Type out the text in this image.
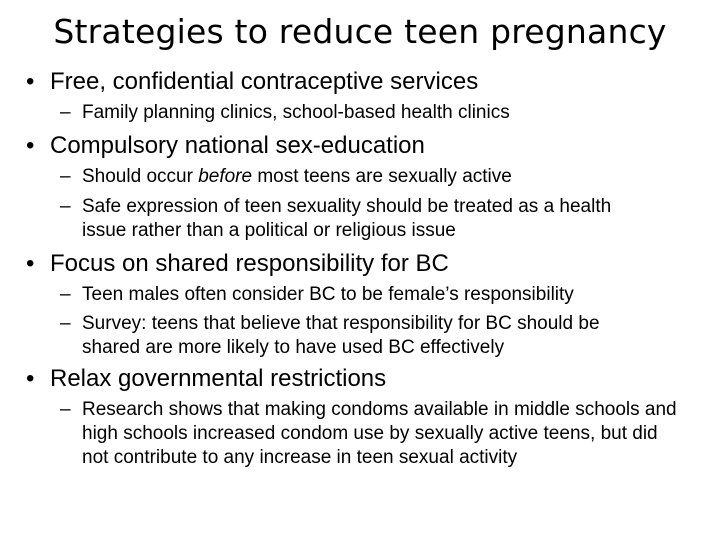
Strategies to reduce teen pregnancy
• Free, confidential contraceptive services
– Family planning clinics, school-based health clinics
• Compulsory national sex-education
– Should occur before most teens are sexually active
– Safe expression of teen sexuality should be treated as a health issue rather than a political or religious issue
• Focus on shared responsibility for BC
– Teen males often consider BC to be female’s responsibility
– Survey: teens that believe that responsibility for BC should be shared are more likely to have used BC effectively
• Relax governmental restrictions
– Research shows that making condoms available in middle schools and high schools increased condom use by sexually active teens, but did not contribute to any increase in teen sexual activity
